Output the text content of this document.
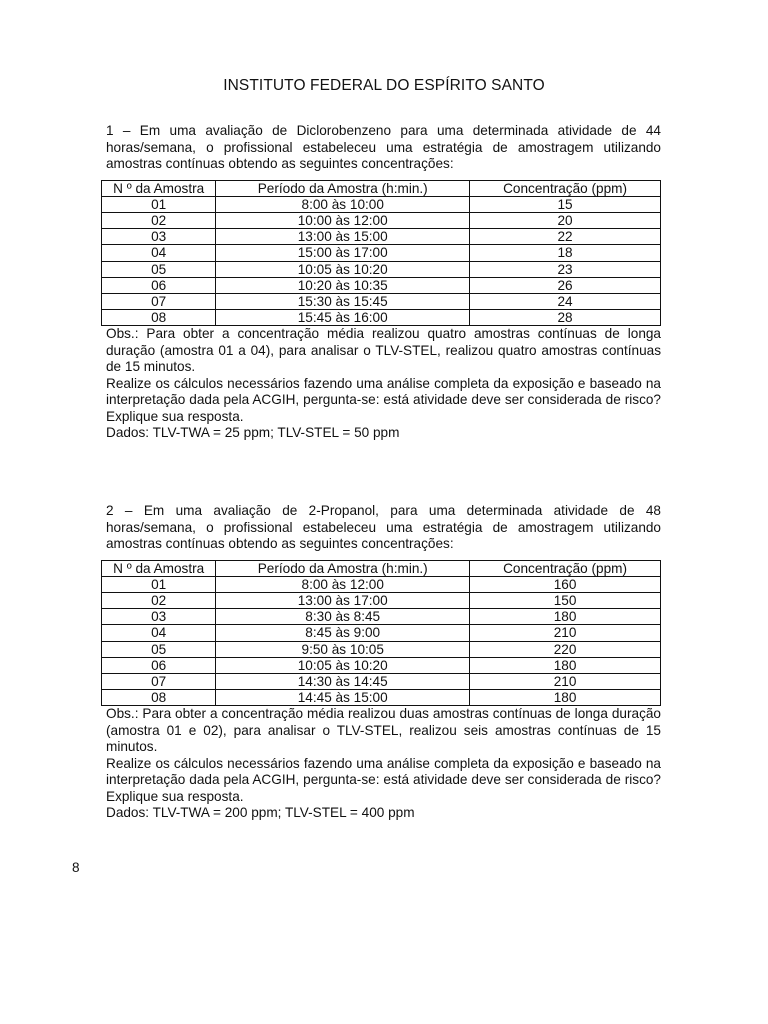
INSTITUTO FEDERAL DO ESPÍRITO SANTO

1 – Em uma avaliação de Diclorobenzeno para uma determinada atividade de 44 horas/semana, o profissional estabeleceu uma estratégia de amostragem utilizando amostras contínuas obtendo as seguintes concentrações:

N º da Amostra	Período da Amostra (h:min.)	Concentração (ppm)
01	8:00 às 10:00	15
02	10:00 às 12:00	20
03	13:00 às 15:00	22
04	15:00 às 17:00	18
05	10:05 às 10:20	23
06	10:20 às 10:35	26
07	15:30 às 15:45	24
08	15:45 às 16:00	28

Obs.: Para obter a concentração média realizou quatro amostras contínuas de longa duração (amostra 01 a 04), para analisar o TLV-STEL, realizou quatro amostras contínuas de 15 minutos.

Realize os cálculos necessários fazendo uma análise completa da exposição e baseado na interpretação dada pela ACGIH, pergunta-se: está atividade deve ser considerada de risco? Explique sua resposta.

Dados: TLV-TWA = 25 ppm; TLV-STEL = 50 ppm

2 – Em uma avaliação de 2-Propanol, para uma determinada atividade de 48 horas/semana, o profissional estabeleceu uma estratégia de amostragem utilizando amostras contínuas obtendo as seguintes concentrações:

N º da Amostra	Período da Amostra (h:min.)	Concentração (ppm)
01	8:00 às 12:00	160
02	13:00 às 17:00	150
03	8:30 às 8:45	180
04	8:45 às 9:00	210
05	9:50 às 10:05	220
06	10:05 às 10:20	180
07	14:30 às 14:45	210
08	14:45 às 15:00	180

Obs.: Para obter a concentração média realizou duas amostras contínuas de longa duração (amostra 01 e 02), para analisar o TLV-STEL, realizou seis amostras contínuas de 15 minutos.

Realize os cálculos necessários fazendo uma análise completa da exposição e baseado na interpretação dada pela ACGIH, pergunta-se: está atividade deve ser considerada de risco? Explique sua resposta.

Dados: TLV-TWA = 200 ppm; TLV-STEL = 400 ppm

8
